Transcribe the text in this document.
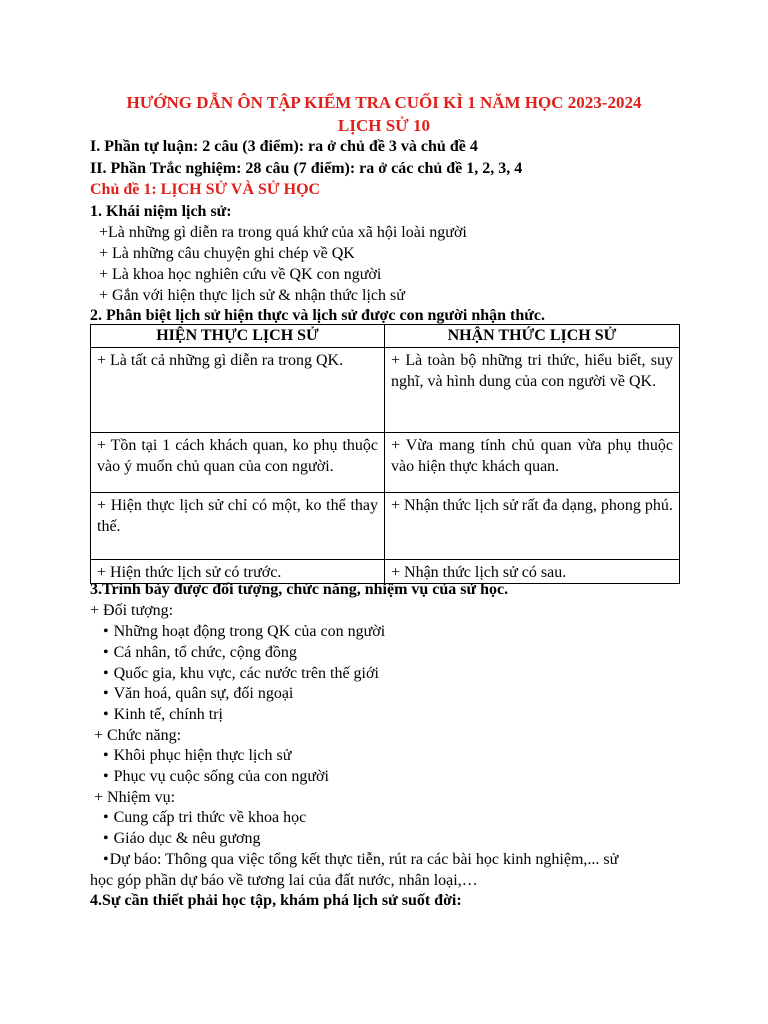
HƯỚNG DẪN ÔN TẬP KIỂM TRA CUỐI KÌ 1 NĂM HỌC 2023-2024
LỊCH SỬ 10
I. Phần tự luận: 2 câu (3 điểm): ra ở chủ đề 3 và chủ đề 4
II. Phần Trắc nghiệm: 28 câu (7 điểm): ra ở các chủ đề 1, 2, 3, 4
Chủ đề 1: LỊCH SỬ VÀ SỬ HỌC
1. Khái niệm lịch sử:
+Là những gì diễn ra trong quá khứ của xã hội loài người
+ Là những câu chuyện ghi chép về QK
+ Là khoa học nghiên cứu về QK con người
+ Gắn với hiện thực lịch sử & nhận thức lịch sử
2. Phân biệt lịch sử hiện thực và lịch sử được con người nhận thức.
HIỆN THỰC LỊCH SỬ	NHẬN THỨC LỊCH SỬ
+ Là tất cả những gì diễn ra trong QK.	+ Là toàn bộ những tri thức, hiểu biết, suy nghĩ, và hình dung của con người về QK.
+ Tồn tại 1 cách khách quan, ko phụ thuộc vào ý muốn chủ quan của con người.	+ Vừa mang tính chủ quan vừa phụ thuộc vào hiện thực khách quan.
+ Hiện thực lịch sử chỉ có một, ko thể thay thế.	+ Nhận thức lịch sử rất đa dạng, phong phú.
+ Hiện thức lịch sử có trước.	+ Nhận thức lịch sử có sau.
3.Trình bày được đối tượng, chức năng, nhiệm vụ của sử học.
+ Đối tượng:
• Những hoạt động trong QK của con người
• Cá nhân, tổ chức, cộng đồng
• Quốc gia, khu vực, các nước trên thế giới
• Văn hoá, quân sự, đối ngoại
• Kinh tế, chính trị
+ Chức năng:
• Khôi phục hiện thực lịch sử
• Phục vụ cuộc sống của con người
+ Nhiệm vụ:
• Cung cấp tri thức về khoa học
• Giáo dục & nêu gương
•Dự báo: Thông qua việc tổng kết thực tiễn, rút ra các bài học kinh nghiệm,... sử
học góp phần dự báo về tương lai của đất nước, nhân loại,…
4.Sự cần thiết phải học tập, khám phá lịch sử suốt đời:
